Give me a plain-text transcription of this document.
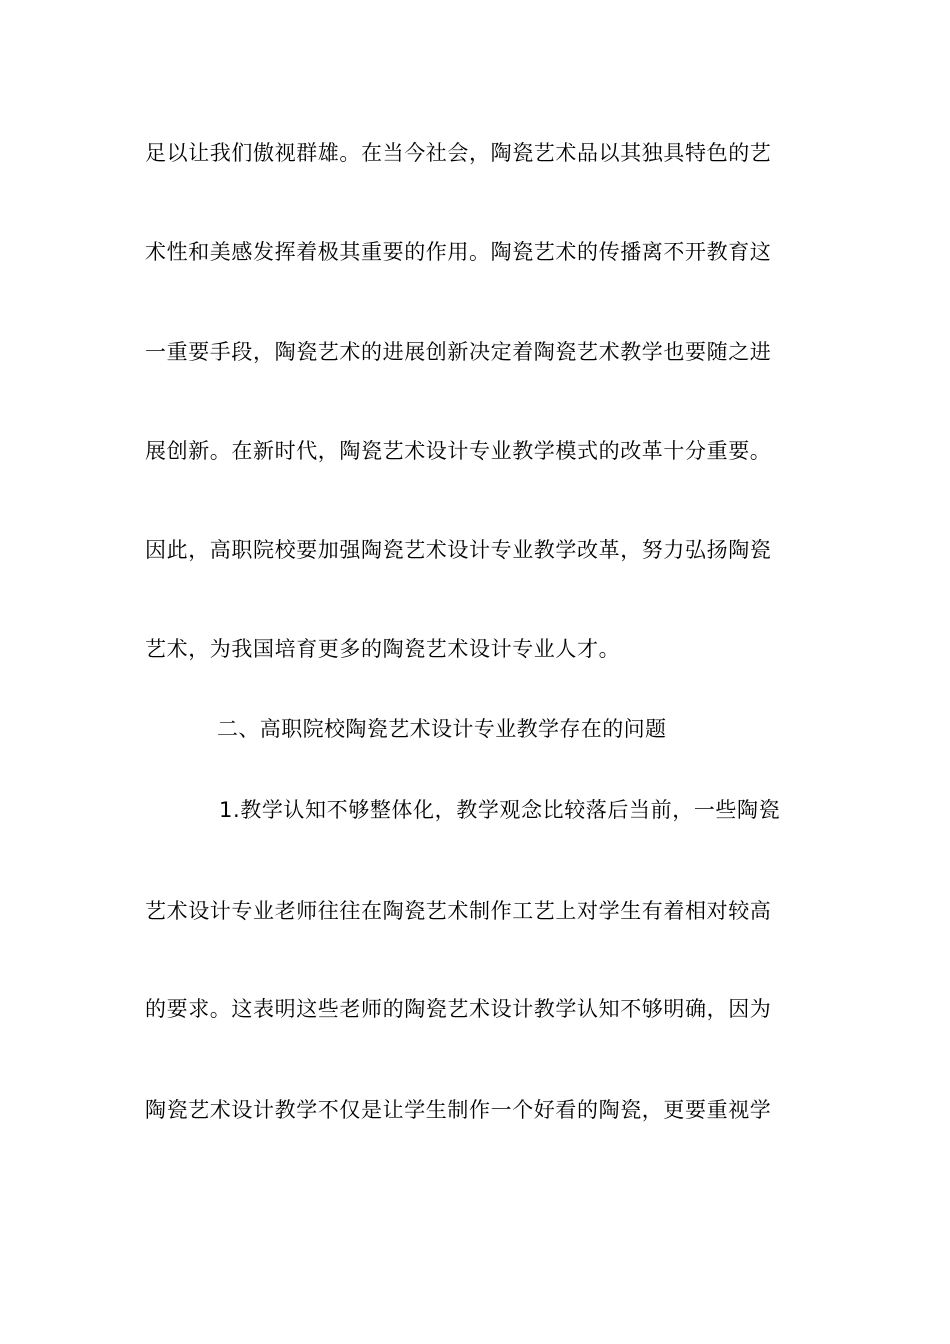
足以让我们傲视群雄。在当今社会，陶瓷艺术品以其独具特色的艺
术性和美感发挥着极其重要的作用。陶瓷艺术的传播离不开教育这
一重要手段，陶瓷艺术的进展创新决定着陶瓷艺术教学也要随之进
展创新。在新时代，陶瓷艺术设计专业教学模式的改革十分重要。
因此，高职院校要加强陶瓷艺术设计专业教学改革，努力弘扬陶瓷
艺术，为我国培育更多的陶瓷艺术设计专业人才。
二、高职院校陶瓷艺术设计专业教学存在的问题
1.教学认知不够整体化，教学观念比较落后当前，一些陶瓷
艺术设计专业老师往往在陶瓷艺术制作工艺上对学生有着相对较高
的要求。这表明这些老师的陶瓷艺术设计教学认知不够明确，因为
陶瓷艺术设计教学不仅是让学生制作一个好看的陶瓷，更要重视学
